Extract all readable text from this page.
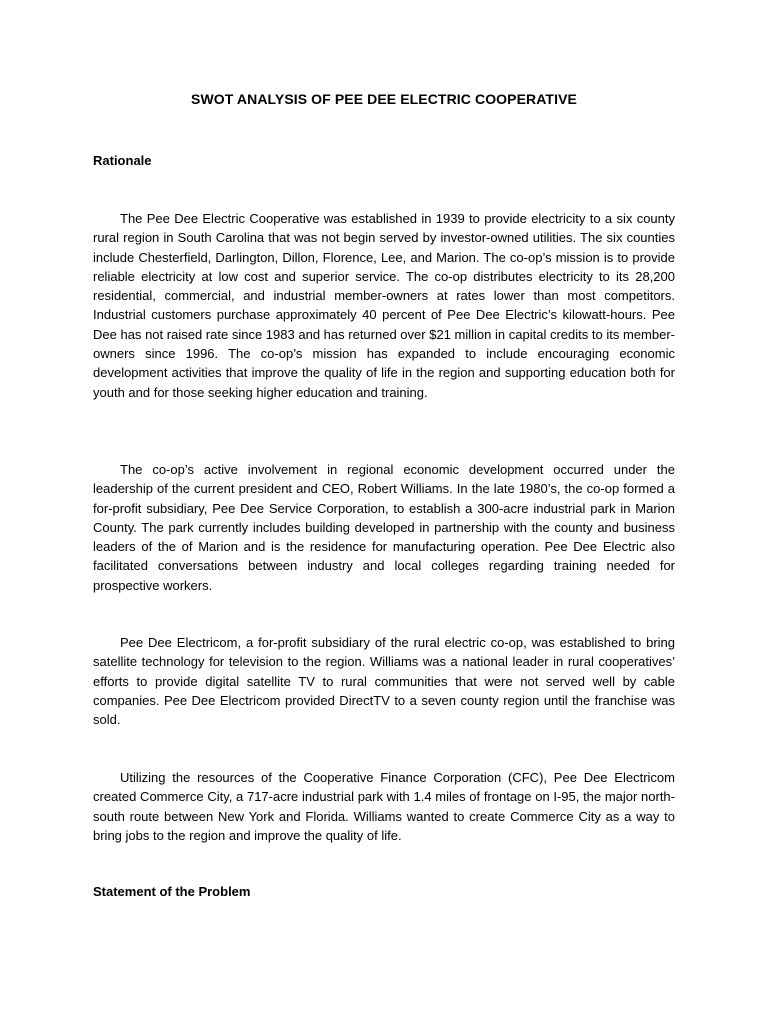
SWOT ANALYSIS OF PEE DEE ELECTRIC COOPERATIVE
Rationale

The Pee Dee Electric Cooperative was established in 1939 to provide electricity to a six county rural region in South Carolina that was not begin served by investor-owned utilities. The six counties include Chesterfield, Darlington, Dillon, Florence, Lee, and Marion. The co-op’s mission is to provide reliable electricity at low cost and superior service. The co-op distributes electricity to its 28,200 residential, commercial, and industrial member-owners at rates lower than most competitors. Industrial customers purchase approximately 40 percent of Pee Dee Electric’s kilowatt-hours. Pee Dee has not raised rate since 1983 and has returned over $21 million in capital credits to its member-owners since 1996. The co-op’s mission has expanded to include encouraging economic development activities that improve the quality of life in the region and supporting education both for youth and for those seeking higher education and training.

The co-op’s active involvement in regional economic development occurred under the leadership of the current president and CEO, Robert Williams. In the late 1980’s, the co-op formed a for-profit subsidiary, Pee Dee Service Corporation, to establish a 300-acre industrial park in Marion County. The park currently includes building developed in partnership with the county and business leaders of the of Marion and is the residence for manufacturing operation. Pee Dee Electric also facilitated conversations between industry and local colleges regarding training needed for prospective workers.

Pee Dee Electricom, a for-profit subsidiary of the rural electric co-op, was established to bring satellite technology for television to the region. Williams was a national leader in rural cooperatives’ efforts to provide digital satellite TV to rural communities that were not served well by cable companies. Pee Dee Electricom provided DirectTV to a seven county region until the franchise was sold.

Utilizing the resources of the Cooperative Finance Corporation (CFC), Pee Dee Electricom created Commerce City, a 717-acre industrial park with 1.4 miles of frontage on I-95, the major north-south route between New York and Florida. Williams wanted to create Commerce City as a way to bring jobs to the region and improve the quality of life.

Statement of the Problem
